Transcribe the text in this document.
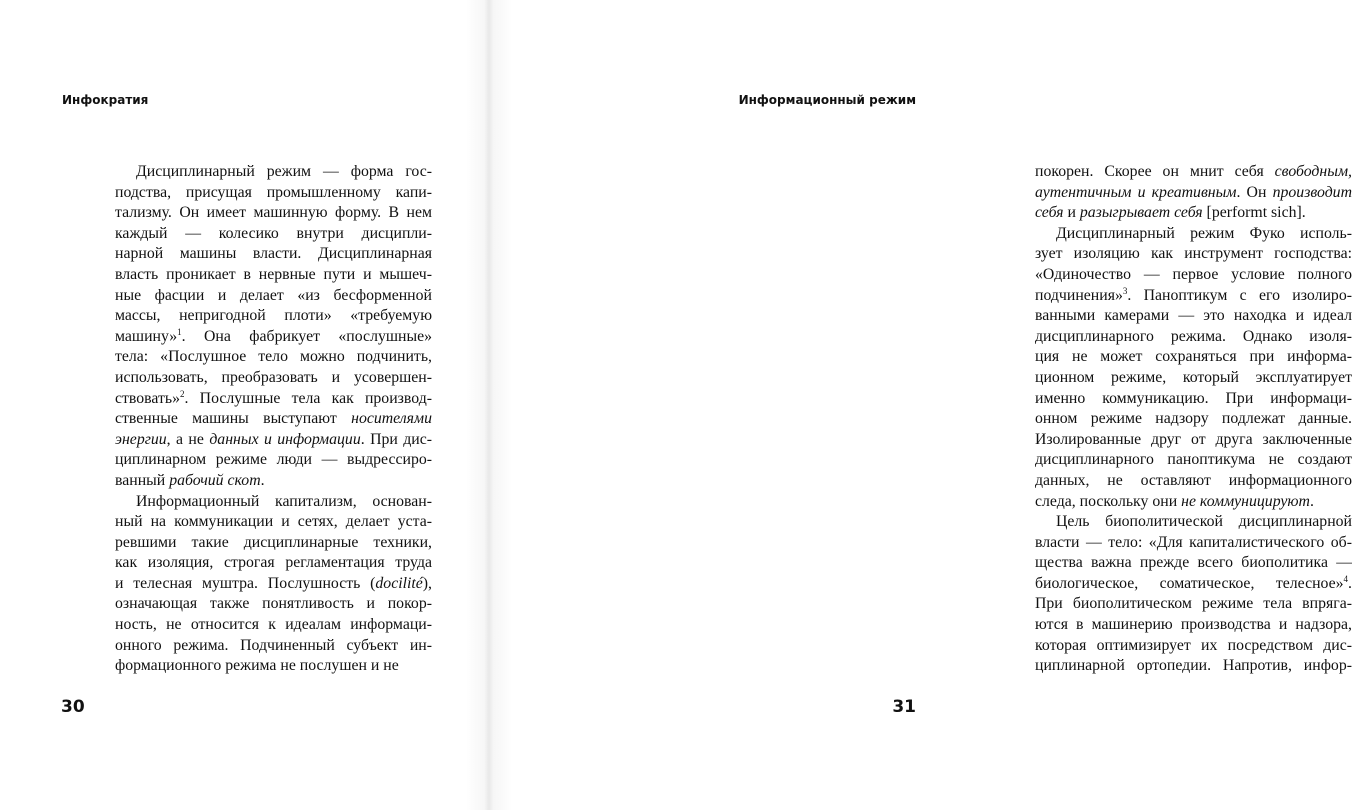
Инфократия
Дисциплинарный режим — форма гос-
подства, присущая промышленному капи-
тализму. Он имеет машинную форму. В нем
каждый — колесико внутри дисципли-
нарной машины власти. Дисциплинарная
власть проникает в нервные пути и мышеч-
ные фасции и делает «из бесформенной
массы, непригодной плоти» «требуемую
машину»$^1$. Она фабрикует «послушные»
тела: «Послушное тело можно подчинить,
использовать, преобразовать и усовершен-
ствовать»$^2$. Послушные тела как производ-
ственные машины выступают носителями
энергии, а не данных и информации. При дис-
циплинарном режиме люди — выдрессиро-
ванный рабочий скот.
Информационный капитализм, основан-
ный на коммуникации и сетях, делает уста-
ревшими такие дисциплинарные техники,
как изоляция, строгая регламентация труда
и телесная муштра. Послушность (docilité),
означающая также понятливость и покор-
ность, не относится к идеалам информаци-
онного режима. Подчиненный субъект ин-
формационного режима не послушен и не
30
Информационный режим
покорен. Скорее он мнит себя свободным,
аутентичным и креативным. Он производит
себя и разыгрывает себя [performt sich].
Дисциплинарный режим Фуко исполь-
зует изоляцию как инструмент господства:
«Одиночество — первое условие полного
подчинения»$^3$. Паноптикум с его изолиро-
ванными камерами — это находка и идеал
дисциплинарного режима. Однако изоля-
ция не может сохраняться при информа-
ционном режиме, который эксплуатирует
именно коммуникацию. При информаци-
онном режиме надзору подлежат данные.
Изолированные друг от друга заключенные
дисциплинарного паноптикума не создают
данных, не оставляют информационного
следа, поскольку они не коммуницируют.
Цель биополитической дисциплинарной
власти — тело: «Для капиталистического об-
щества важна прежде всего биополитика —
биологическое, соматическое, телесное»$^4$.
При биополитическом режиме тела впряга-
ются в машинерию производства и надзора,
которая оптимизирует их посредством дис-
циплинарной ортопедии. Напротив, инфор-
31
